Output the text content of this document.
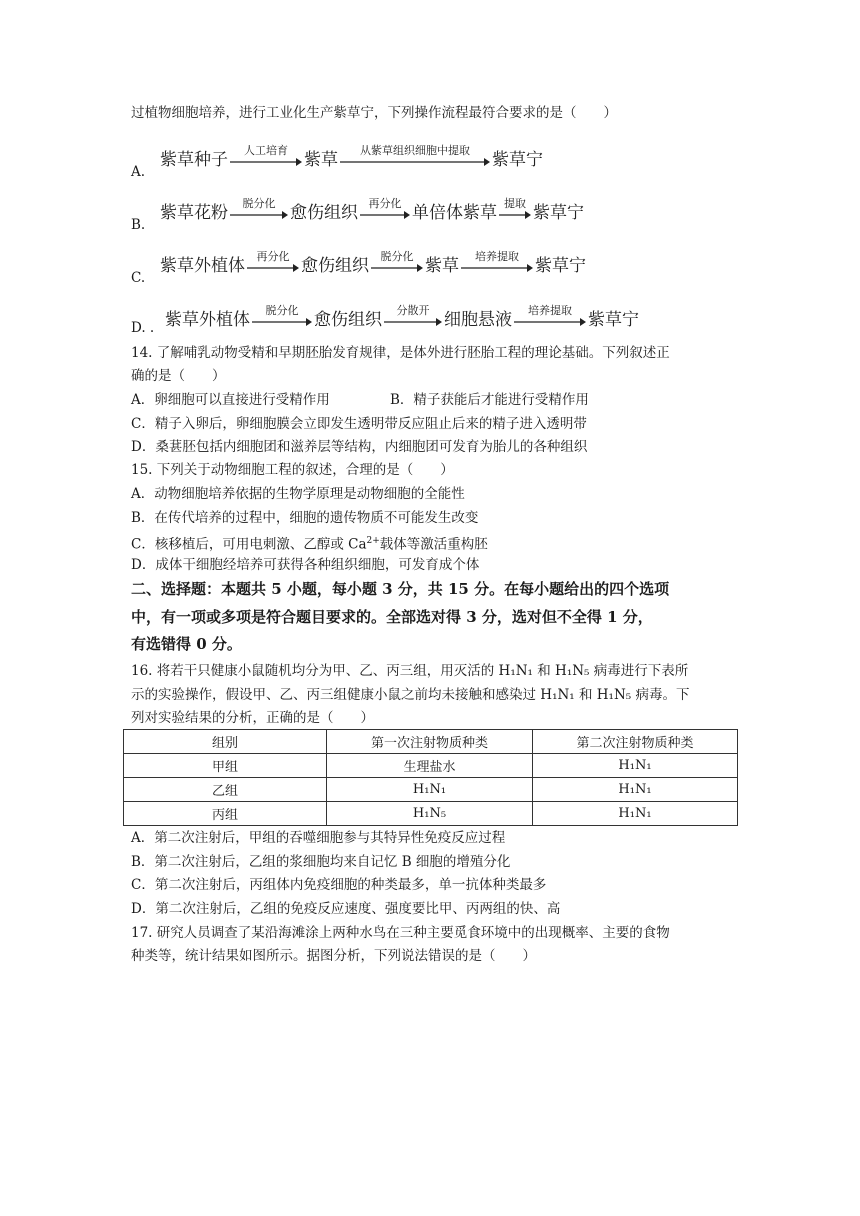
过植物细胞培养，进行工业化生产紫草宁，下列操作流程最符合要求的是（　　）
紫草种子	人工培育 紫草	从紫草组织细胞中提取	紫草宁
A.
紫草花粉	脱分化 愈伤组织 再分化 单倍体紫草 提取 紫草宁
B.
紫草外植体	再分化 愈伤组织	脱分化 紫草	培养提取 紫草宁
C.
紫草外植体	脱分化 愈伤组织	分散开 细胞悬液	培养提取 紫草宁
D. .
14. 了解哺乳动物受精和早期胚胎发育规律，是体外进行胚胎工程的理论基础。下列叙述正
确的是（　　）
A．卵细胞可以直接进行受精作用	B．精子获能后才能进行受精作用
C．精子入卵后，卵细胞膜会立即发生透明带反应阻止后来的精子进入透明带
D．桑葚胚包括内细胞团和滋养层等结构，内细胞团可发育为胎儿的各种组织
15. 下列关于动物细胞工程的叙述，合理的是（　　）
A．动物细胞培养依据的生物学原理是动物细胞的全能性
B．在传代培养的过程中，细胞的遗传物质不可能发生改变
C．核移植后，可用电刺激、乙醇或 $Ca^{2+}$载体等激活重构胚
D．成体干细胞经培养可获得各种组织细胞，可发育成个体
二、选择题：本题共 5 小题，每小题 3 分，共 15 分。在每小题给出的四个选项
中，有一项或多项是符合题目要求的。全部选对得 3 分，选对但不全得 1 分，
有选错得 0 分。
16. 将若干只健康小鼠随机均分为甲、乙、丙三组，用灭活的 H₁N₁ 和 H₁N₅ 病毒进行下表所
示的实验操作，假设甲、乙、丙三组健康小鼠之前均未接触和感染过 H₁N₁ 和 H₁N₅ 病毒。下
列对实验结果的分析，正确的是（　　）
组别	第一次注射物质种类	第二次注射物质种类
甲组	生理盐水	H₁N₁
乙组	H₁N₁	H₁N₁
丙组	H₁N₅	H₁N₁
A．第二次注射后，甲组的吞噬细胞参与其特异性免疫反应过程
B．第二次注射后，乙组的浆细胞均来自记忆 B 细胞的增殖分化
C．第二次注射后，丙组体内免疫细胞的种类最多，单一抗体种类最多
D．第二次注射后，乙组的免疫反应速度、强度要比甲、丙两组的快、高
17. 研究人员调查了某沿海滩涂上两种水鸟在三种主要觅食环境中的出现概率、主要的食物
种类等，统计结果如图所示。据图分析，下列说法错误的是（　　）
